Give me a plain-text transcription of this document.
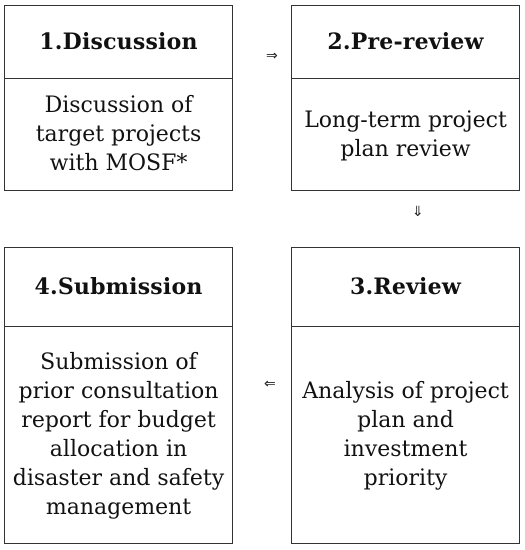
1.Discussion
Discussion of
target projects
with MOSF*
⇒
2.Pre-review
Long-term project
plan review
⇓
4.Submission
Submission of
prior consultation
report for budget
allocation in
disaster and safety
management
⇐
3.Review
Analysis of project
plan and
investment
priority
